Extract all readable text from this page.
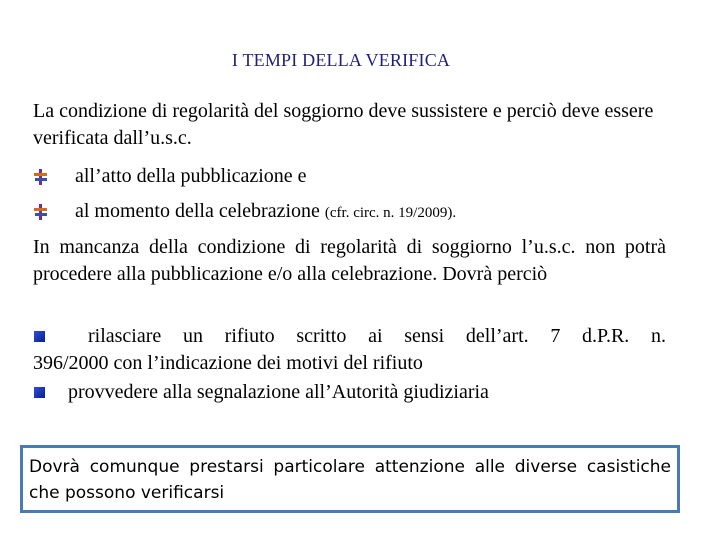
I TEMPI DELLA VERIFICA
La condizione di regolarità del soggiorno deve sussistere e perciò deve essere verificata dall’u.s.c.
all’atto della pubblicazione e
al momento della celebrazione (cfr. circ. n. 19/2009).
In mancanza della condizione di regolarità di soggiorno l’u.s.c. non potrà procedere alla pubblicazione e/o alla celebrazione. Dovrà perciò
rilasciare un rifiuto scritto ai sensi dell’art. 7 d.P.R. n.
396/2000 con l’indicazione dei motivi del rifiuto
provvedere alla segnalazione all’Autorità giudiziaria
Dovrà comunque prestarsi particolare attenzione alle diverse casistiche che possono verificarsi
